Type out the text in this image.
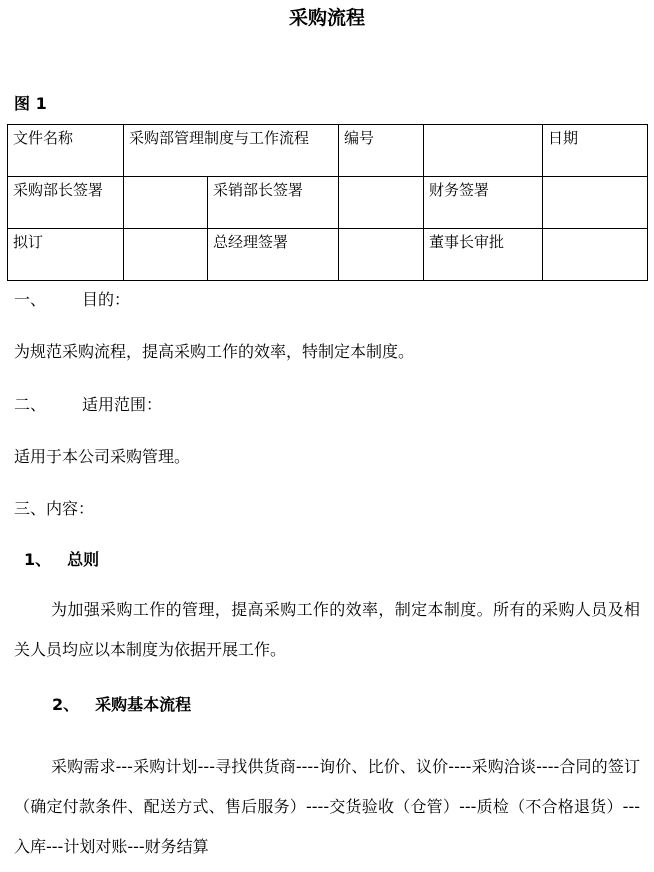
采购流程
图 1
文件名称	采购部管理制度与工作流程		编号		日期
采购部长签署		采销部长签署		财务签署	
拟订		总经理签署		董事长审批	
一、 目的：
为规范采购流程，提高采购工作的效率，特制定本制度。
二、 适用范围：
适用于本公司采购管理。
三、内容：
1、 总则
为加强采购工作的管理，提高采购工作的效率，制定本制度。所有的采购人员及相关人员均应以本制度为依据开展工作。
2、 采购基本流程
采购需求---采购计划---寻找供货商----询价、比价、议价----采购洽谈----合同的签订（确定付款条件、配送方式、售后服务）----交货验收（仓管）---质检（不合格退货）---入库---计划对账---财务结算
